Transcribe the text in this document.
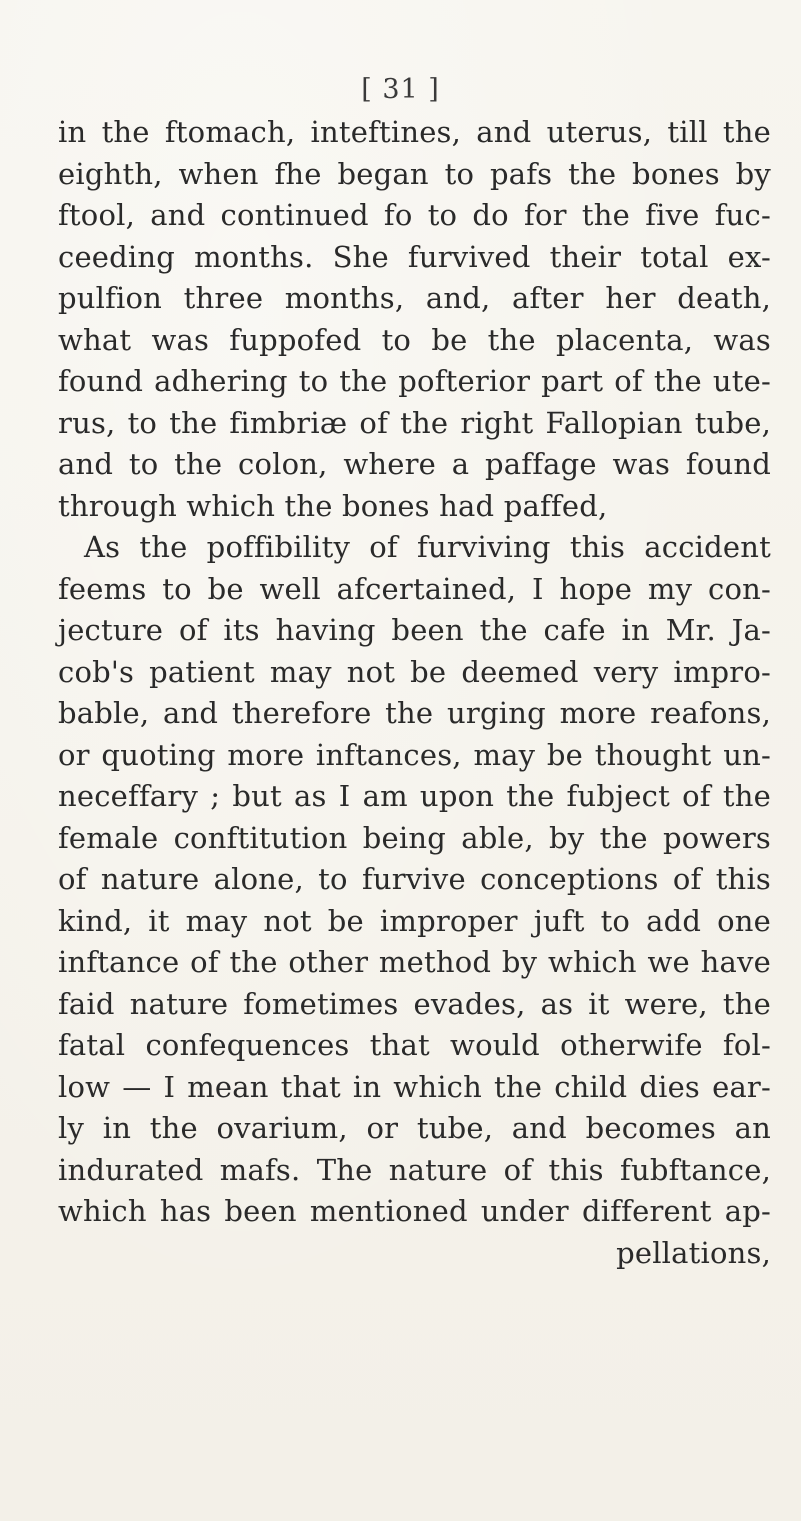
[ 31 ]
in the ftomach, inteftines, and uterus, till the
eighth, when fhe began to pafs the bones by
ftool, and continued fo to do for the five fuc-
ceeding months. She furvived their total ex-
pulfion three months, and, after her death,
what was fuppofed to be the placenta, was
found adhering to the pofterior part of the ute-
rus, to the fimbriæ of the right Fallopian tube,
and to the colon, where a paffage was found
through which the bones had paffed,
As the poffibility of furviving this accident
feems to be well afcertained, I hope my con-
jecture of its having been the cafe in Mr. Ja-
cob's patient may not be deemed very impro-
bable, and therefore the urging more reafons,
or quoting more inftances, may be thought un-
neceffary ; but as I am upon the fubject of the
female conftitution being able, by the powers
of nature alone, to furvive conceptions of this
kind, it may not be improper juft to add one
inftance of the other method by which we have
faid nature fometimes evades, as it were, the
fatal confequences that would otherwife fol-
low — I mean that in which the child dies ear-
ly in the ovarium, or tube, and becomes an
indurated mafs. The nature of this fubftance,
which has been mentioned under different ap-
pellations,
